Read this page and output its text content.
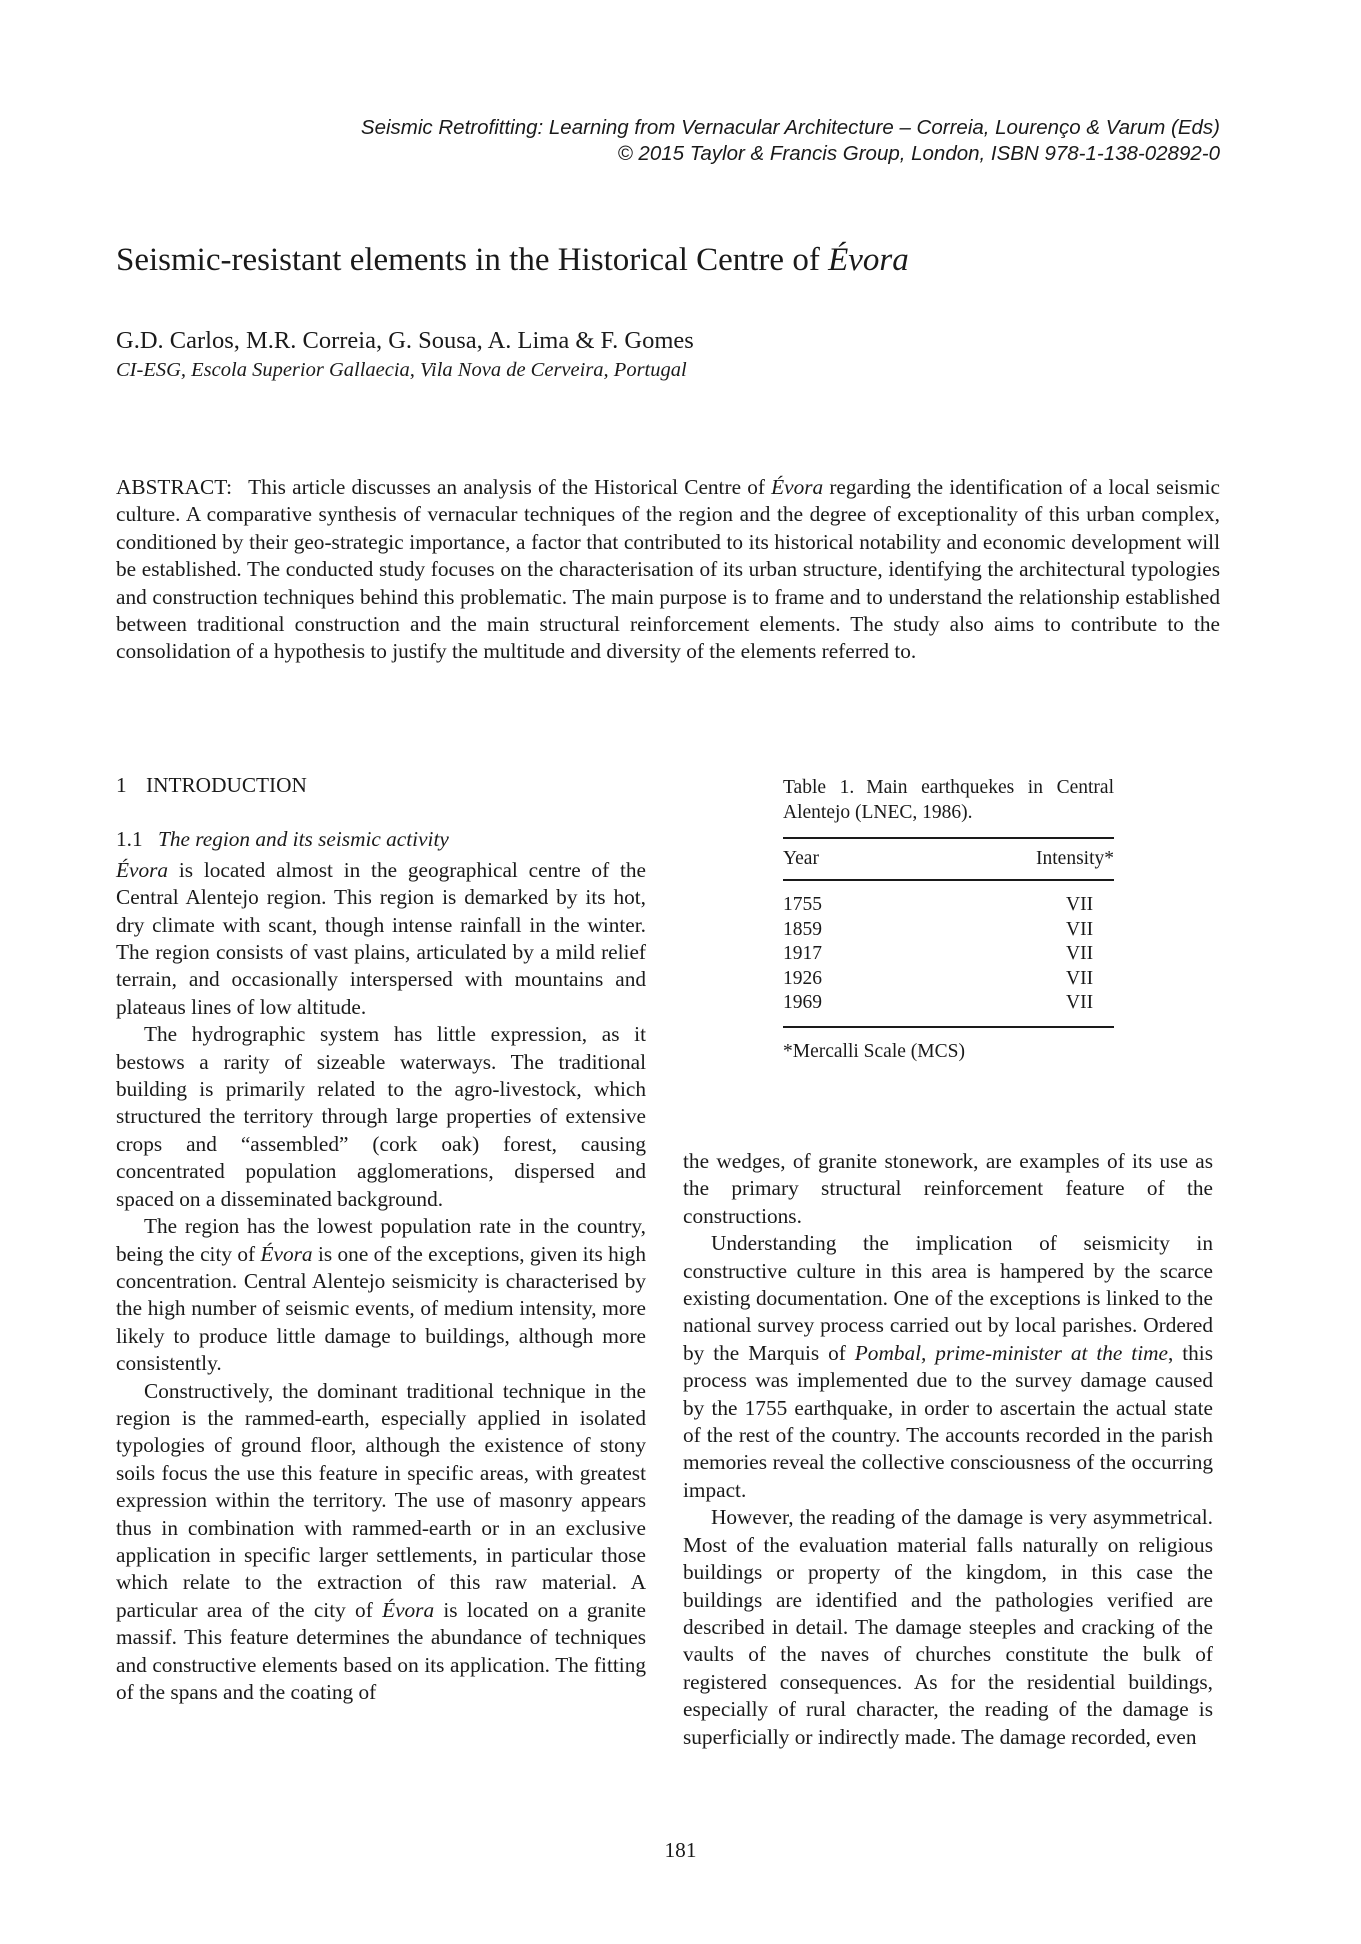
Seismic Retrofitting: Learning from Vernacular Architecture – Correia, Lourenço & Varum (Eds)
© 2015 Taylor & Francis Group, London, ISBN 978-1-138-02892-0
Seismic-resistant elements in the Historical Centre of Évora
G.D. Carlos, M.R. Correia, G. Sousa, A. Lima & F. Gomes
CI-ESG, Escola Superior Gallaecia, Vila Nova de Cerveira, Portugal
ABSTRACT: This article discusses an analysis of the Historical Centre of Évora regarding the identification of a local seismic culture. A comparative synthesis of vernacular techniques of the region and the degree of exceptionality of this urban complex, conditioned by their geo-strategic importance, a factor that contributed to its historical notability and economic development will be established. The conducted study focuses on the characterisation of its urban structure, identifying the architectural typologies and construction techniques behind this problematic. The main purpose is to frame and to understand the relationship established between traditional construction and the main structural reinforcement elements. The study also aims to contribute to the consolidation of a hypothesis to justify the multitude and diversity of the elements referred to.
1 INTRODUCTION
1.1 The region and its seismic activity

Évora is located almost in the geographical centre of the Central Alentejo region. This region is demarked by its hot, dry climate with scant, though intense rainfall in the winter. The region consists of vast plains, articulated by a mild relief terrain, and occasionally interspersed with mountains and plateaus lines of low altitude.

The hydrographic system has little expression, as it bestows a rarity of sizeable waterways. The traditional building is primarily related to the agro-livestock, which structured the territory through large properties of extensive crops and “assembled” (cork oak) forest, causing concentrated population agglomerations, dispersed and spaced on a disseminated background.

The region has the lowest population rate in the country, being the city of Évora is one of the exceptions, given its high concentration. Central Alentejo seismicity is characterised by the high number of seismic events, of medium intensity, more likely to produce little damage to buildings, although more consistently.

Constructively, the dominant traditional technique in the region is the rammed-earth, especially applied in isolated typologies of ground floor, although the existence of stony soils focus the use this feature in specific areas, with greatest expression within the territory. The use of masonry appears thus in combination with rammed-earth or in an exclusive application in specific larger settlements, in particular those which relate to the extraction of this raw material. A particular area of the city of Évora is located on a granite massif. This feature determines the abundance of techniques and constructive elements based on its application. The fitting of the spans and the coating of

Table 1. Main earthquekes in Central Alentejo (LNEC, 1986).
Year	Intensity*
1755	VII
1859	VII
1917	VII
1926	VII
1969	VII
*Mercalli Scale (MCS)

the wedges, of granite stonework, are examples of its use as the primary structural reinforcement feature of the constructions.

Understanding the implication of seismicity in constructive culture in this area is hampered by the scarce existing documentation. One of the exceptions is linked to the national survey process carried out by local parishes. Ordered by the Marquis of Pombal, prime-minister at the time, this process was implemented due to the survey damage caused by the 1755 earthquake, in order to ascertain the actual state of the rest of the country. The accounts recorded in the parish memories reveal the collective consciousness of the occurring impact.

However, the reading of the damage is very asymmetrical. Most of the evaluation material falls naturally on religious buildings or property of the kingdom, in this case the buildings are identified and the pathologies verified are described in detail. The damage steeples and cracking of the vaults of the naves of churches constitute the bulk of registered consequences. As for the residential buildings, especially of rural character, the reading of the damage is superficially or indirectly made. The damage recorded, even

181
